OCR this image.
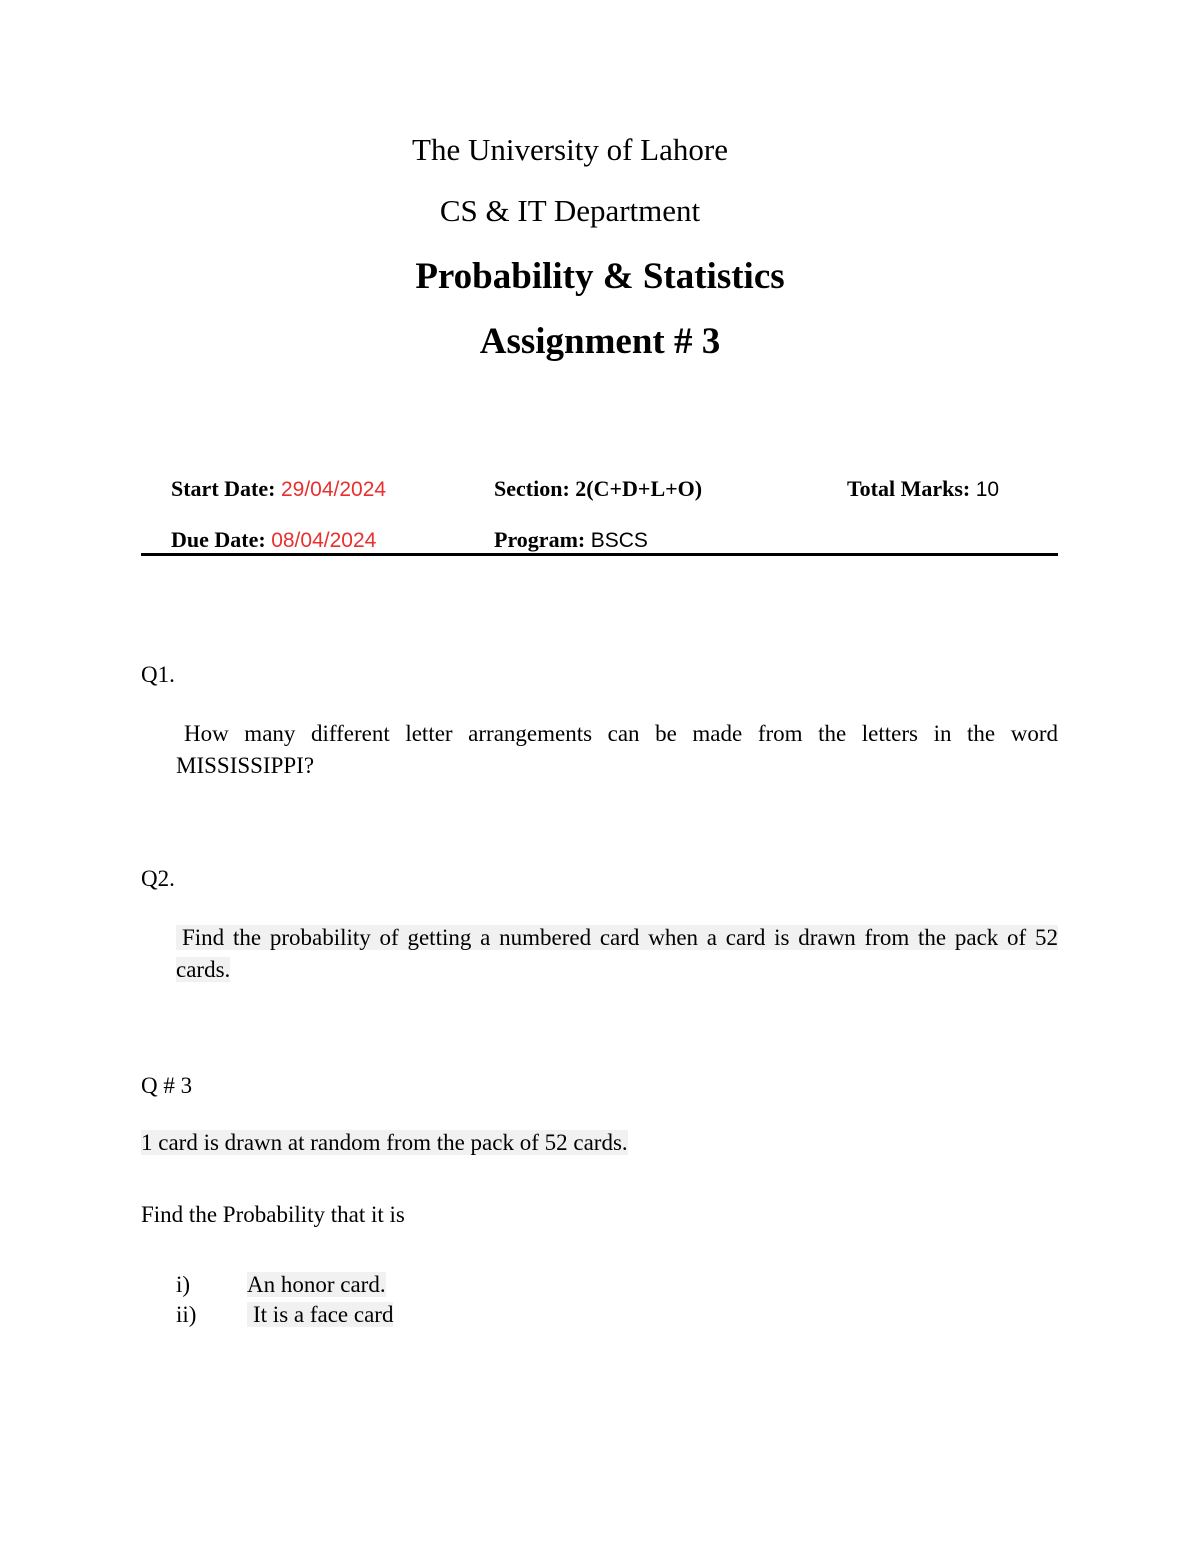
The University of Lahore
CS & IT Department
Probability & Statistics
Assignment # 3
Start Date: 29/04/2024	Section: 2(C+D+L+O)	Total Marks: 10
Due Date: 08/04/2024	Program: BSCS
Q1.
How many different letter arrangements can be made from the letters in the word MISSISSIPPI?
Q2.
Find the probability of getting a numbered card when a card is drawn from the pack of 52 cards.
Q # 3
1 card is drawn at random from the pack of 52 cards.
Find the Probability that it is
i) An honor card.
ii) It is a face card
